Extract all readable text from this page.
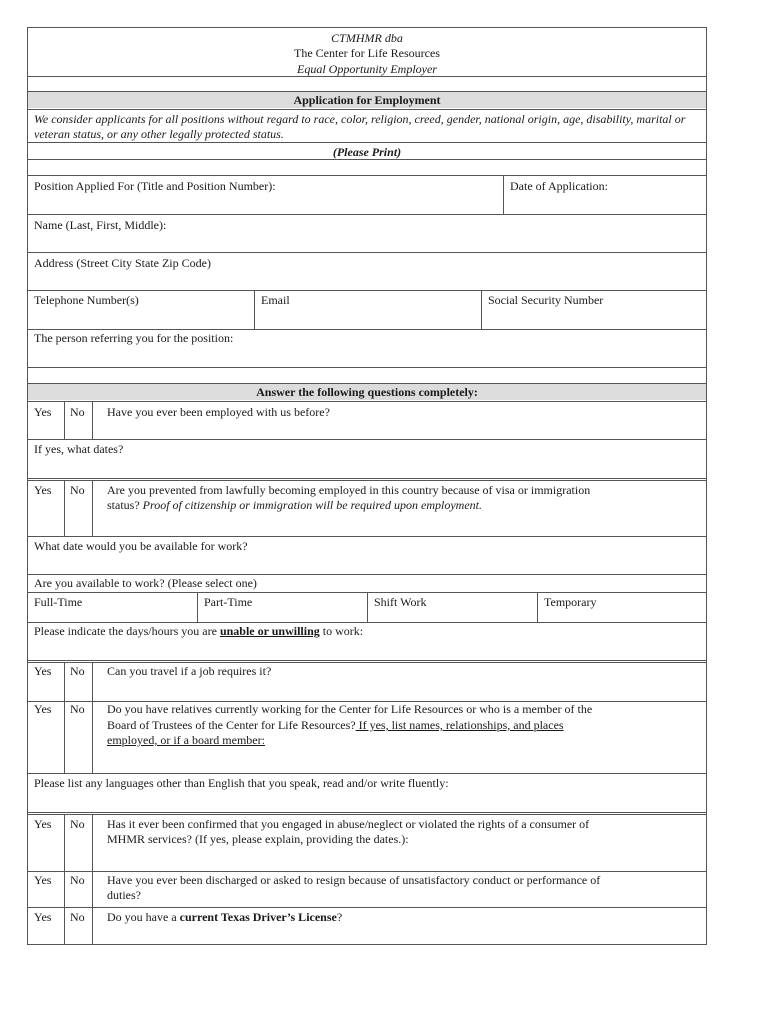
CTMHMR dba
The Center for Life Resources
Equal Opportunity Employer
Application for Employment
We consider applicants for all positions without regard to race, color, religion, creed, gender, national origin, age, disability, marital or veteran status, or any other legally protected status.
(Please Print)
Position Applied For (Title and Position Number):	Date of Application:
Name (Last, First, Middle):
Address (Street City State Zip Code)
Telephone Number(s)	Email	Social Security Number
The person referring you for the position:
Answer the following questions completely:
Yes No Have you ever been employed with us before?
If yes, what dates?
Yes No Are you prevented from lawfully becoming employed in this country because of visa or immigration
status? Proof of citizenship or immigration will be required upon employment.
What date would you be available for work?
Are you available to work? (Please select one)
Full-Time	Part-Time	Shift Work	Temporary
Please indicate the days/hours you are unable or unwilling to work:
Yes No Can you travel if a job requires it?
Yes No Do you have relatives currently working for the Center for Life Resources or who is a member of the
Board of Trustees of the Center for Life Resources? If yes, list names, relationships, and places
employed, or if a board member:
Please list any languages other than English that you speak, read and/or write fluently:
Yes No Has it ever been confirmed that you engaged in abuse/neglect or violated the rights of a consumer of
MHMR services? (If yes, please explain, providing the dates.):
Yes No Have you ever been discharged or asked to resign because of unsatisfactory conduct or performance of
duties?
Yes No Do you have a current Texas Driver’s License?
